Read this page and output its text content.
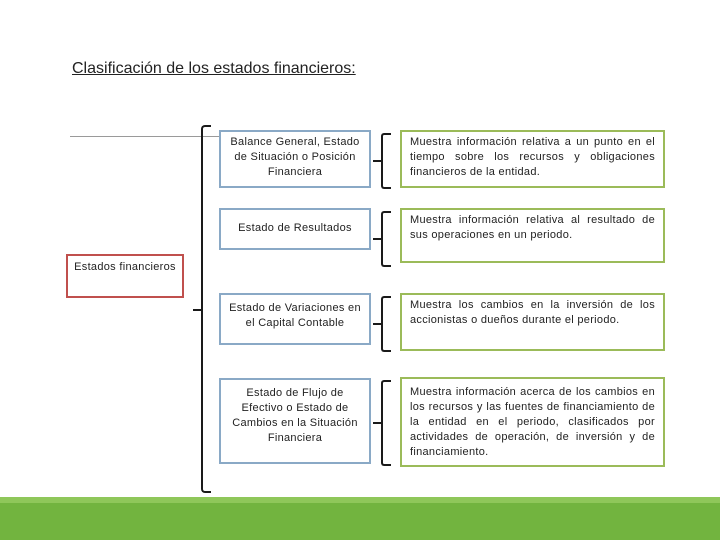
Clasificación de los estados financieros:
Estados financieros
Balance General, Estado de Situación o Posición Financiera
Muestra información relativa a un punto en el tiempo sobre los recursos y obligaciones financieros de la entidad.
Estado de Resultados
Muestra información relativa al resultado de sus operaciones en un periodo.
Estado de Variaciones en el Capital Contable
Muestra los cambios en la inversión de los accionistas o dueños durante el periodo.
Estado de Flujo de Efectivo o Estado de Cambios en la Situación Financiera
Muestra información acerca de los cambios en los recursos y las fuentes de financiamiento de la entidad en el periodo, clasificados por actividades de operación, de inversión y de financiamiento.
